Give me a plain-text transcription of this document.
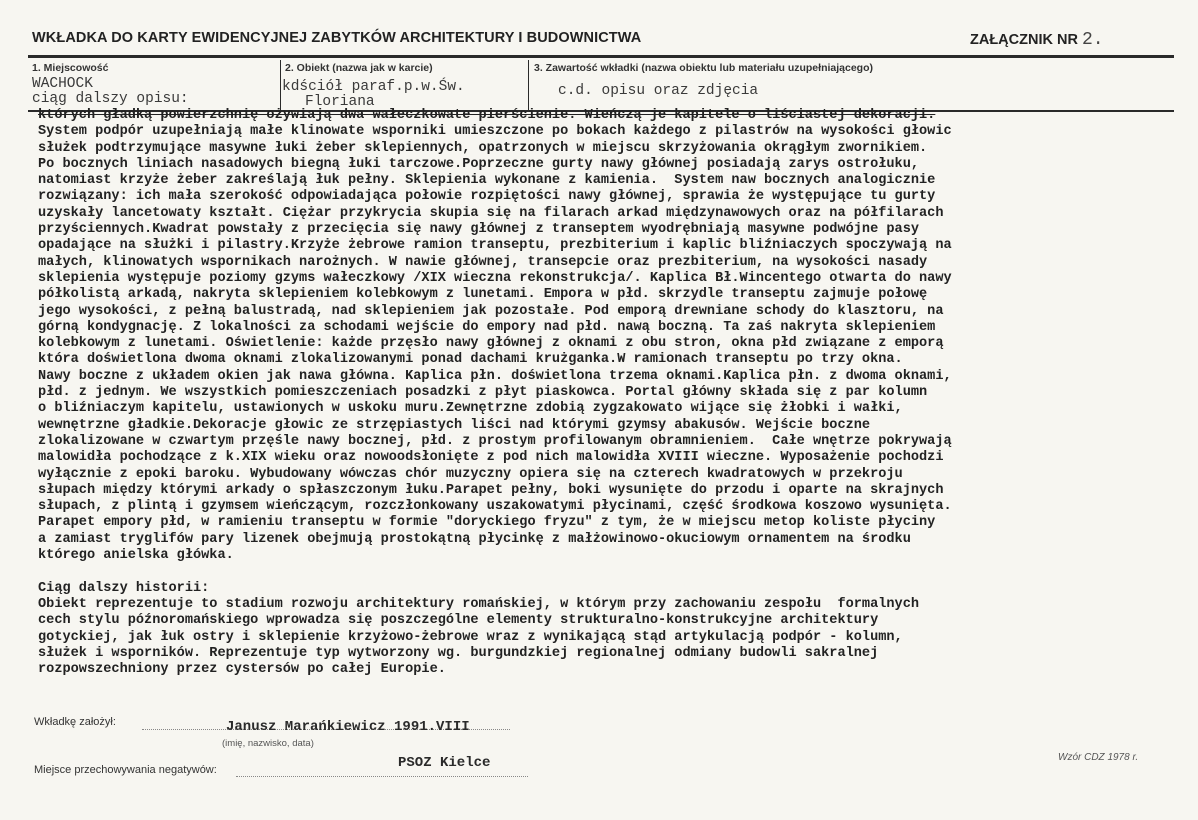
WKŁADKA DO KARTY EWIDENCYJNEJ ZABYTKÓW ARCHITEKTURY I BUDOWNICTWA	ZAŁĄCZNIK NR 2.
1. Miejscowość
WACHOCK
ciąg dalszy opisu:
2. Obiekt (nazwa jak w karcie)
kdściół paraf.p.w.Św.
Floriana
3. Zawartość wkładki (nazwa obiektu lub materiału uzupełniającego)
c.d. opisu oraz zdjęcia
których gładką powierzchnię ożywiają dwa wałeczkowate pierścienie. Wieńczą je kapitele o liściastej dekoracji.
System podpór uzupełniają małe klinowate wsporniki umieszczone po bokach każdego z pilastrów na wysokości głowic
służek podtrzymujące masywne łuki żeber sklepiennych, opatrzonych w miejscu skrzyżowania okrągłym zwornikiem.
Po bocznych liniach nasadowych biegną łuki tarczowe.Poprzeczne gurty nawy głównej posiadają zarys ostrołuku,
natomiast krzyże żeber zakreślają łuk pełny. Sklepienia wykonane z kamienia.  System naw bocznych analogicznie
rozwiązany: ich mała szerokość odpowiadająca połowie rozpiętości nawy głównej, sprawia że występujące tu gurty
uzyskały lancetowaty kształt. Ciężar przykrycia skupia się na filarach arkad międzynawowych oraz na półfilarach
przyściennych.Kwadrat powstały z przecięcia się nawy głównej z transeptem wyodrębniają masywne podwójne pasy
opadające na służki i pilastry.Krzyże żebrowe ramion transeptu, prezbiterium i kaplic bliźniaczych spoczywają na
małych, klinowatych wspornikach narożnych. W nawie głównej, transepcie oraz prezbiterium, na wysokości nasady
sklepienia występuje poziomy gzyms wałeczkowy /XIX wieczna rekonstrukcja/. Kaplica Bł.Wincentego otwarta do nawy
półkolistą arkadą, nakryta sklepieniem kolebkowym z lunetami. Empora w płd. skrzydle transeptu zajmuje połowę
jego wysokości, z pełną balustradą, nad sklepieniem jak pozostałe. Pod emporą drewniane schody do klasztoru, na
górną kondygnację. Z lokalności za schodami wejście do empory nad płd. nawą boczną. Ta zaś nakryta sklepieniem
kolebkowym z lunetami. Oświetlenie: każde przęsło nawy głównej z oknami z obu stron, okna płd związane z emporą
która doświetlona dwoma oknami zlokalizowanymi ponad dachami krużganka.W ramionach transeptu po trzy okna.
Nawy boczne z układem okien jak nawa główna. Kaplica płn. doświetlona trzema oknami.Kaplica płn. z dwoma oknami,
płd. z jednym. We wszystkich pomieszczeniach posadzki z płyt piaskowca. Portal główny składa się z par kolumn
o bliźniaczym kapitelu, ustawionych w uskoku muru.Zewnętrzne zdobią zygzakowato wijące się żłobki i wałki,
wewnętrzne gładkie.Dekoracje głowic ze strzępiastych liści nad którymi gzymsy abakusów. Wejście boczne
zlokalizowane w czwartym przęśle nawy bocznej, płd. z prostym profilowanym obramnieniem.  Całe wnętrze pokrywają
malowidła pochodzące z k.XIX wieku oraz nowoodsłonięte z pod nich malowidła XVIII wieczne. Wyposażenie pochodzi
wyłącznie z epoki baroku. Wybudowany wówczas chór muzyczny opiera się na czterech kwadratowych w przekroju
słupach między którymi arkady o spłaszczonym łuku.Parapet pełny, boki wysunięte do przodu i oparte na skrajnych
słupach, z plintą i gzymsem wieńczącym, rozczłonkowany uszakowatymi płycinami, część środkowa koszowo wysunięta.
Parapet empory płd, w ramieniu transeptu w formie "doryckiego fryzu" z tym, że w miejscu metop koliste płyciny
a zamiast tryglifów pary lizenek obejmują prostokątną płycinkę z małżowinowo-okuciowym ornamentem na środku
którego anielska główka.
Ciąg dalszy historii:
Obiekt reprezentuje to stadium rozwoju architektury romańskiej, w którym przy zachowaniu zespołu  formalnych
cech stylu późnoromańskiego wprowadza się poszczególne elementy strukturalno-konstrukcyjne architektury
gotyckiej, jak łuk ostry i sklepienie krzyżowo-żebrowe wraz z wynikającą stąd artykulacją podpór - kolumn,
służek i wsporników. Reprezentuje typ wytworzony wg. burgundzkiej regionalnej odmiany budowli sakralnej
rozpowszechniony przez cystersów po całej Europie.
Wkładkę założył:	Janusz Marańkiewicz 1991.VIII
(imię, nazwisko, data)
Miejsce przechowywania negatywów:	PSOZ Kielce	Wzór CDZ 1978 r.
